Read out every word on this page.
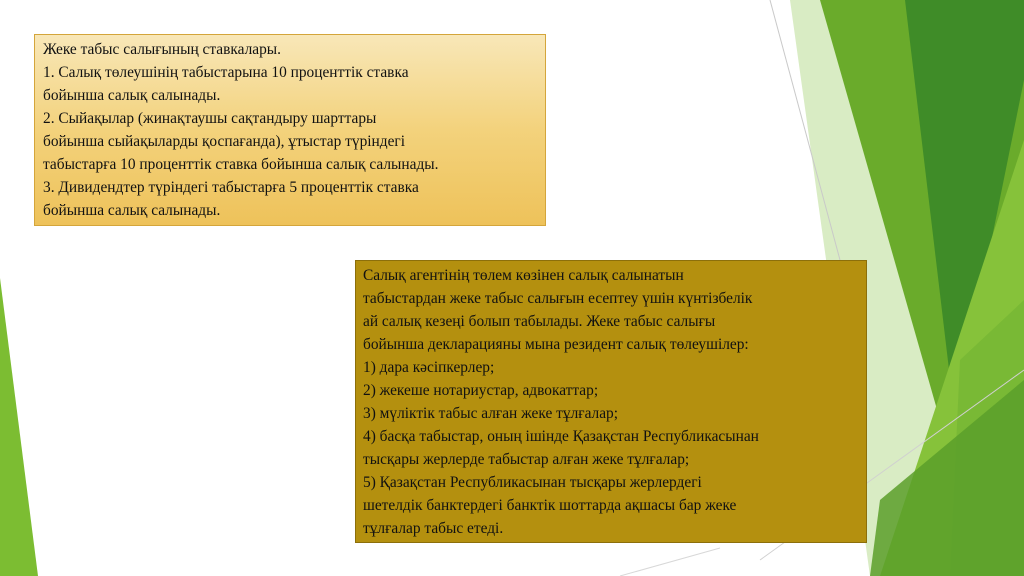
Жеке табыс салығының ставкалары.
1. Салық төлеушінің табыстарына 10 проценттік ставка
бойынша салық салынады.
2. Сыйақылар (жинақтаушы сақтандыру шарттары
бойынша сыйақыларды қоспағанда), ұтыстар түріндегі
табыстарға 10 проценттік ставка бойынша салық салынады.
3. Дивидендтер түріндегі табыстарға 5 проценттік ставка
бойынша салық салынады.
Салық агентінің төлем көзінен салық салынатын
табыстардан жеке табыс салығын есептеу үшін күнтізбелік
ай салық кезеңі болып табылады. Жеке табыс салығы
бойынша декларацияны мына резидент салық төлеушілер:
1) дара кәсіпкерлер;
2) жекеше нотариустар, адвокаттар;
3) мүліктік табыс алған жеке тұлғалар;
4) басқа табыстар, оның ішінде Қазақстан Республикасынан
тысқары жерлерде табыстар алған жеке тұлғалар;
5) Қазақстан Республикасынан тысқары жерлердегі
шетелдік банктердегі банктік шоттарда ақшасы бар жеке
тұлғалар табыс етеді.
